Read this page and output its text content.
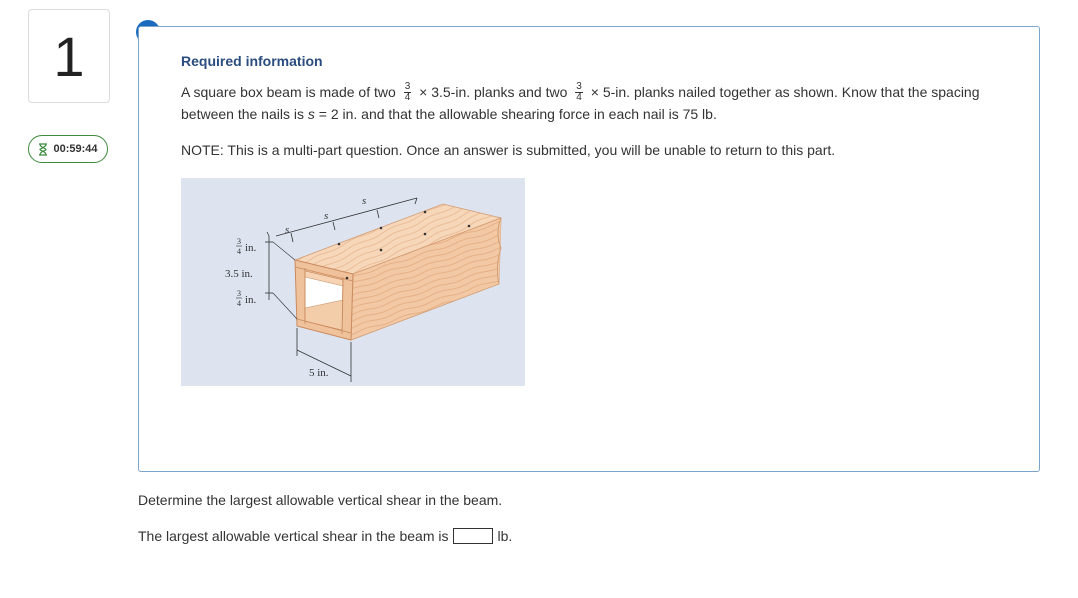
1
00:59:44
Required information
A square box beam is made of two $\frac{3}{4} \times 3.5-in$. planks and two $\frac{3}{4} \times 5-in$. planks nailed together as shown. Know that the spacing between the nails is s = 2 in. and that the allowable shearing force in each nail is 75 lb.
NOTE: This is a multi-part question. Once an answer is submitted, you will be unable to return to this part.
s
s
s
3
4 in.
3.5 in.
3
4 in.
5 in.
Determine the largest allowable vertical shear in the beam.
The largest allowable vertical shear in the beam is	lb.
